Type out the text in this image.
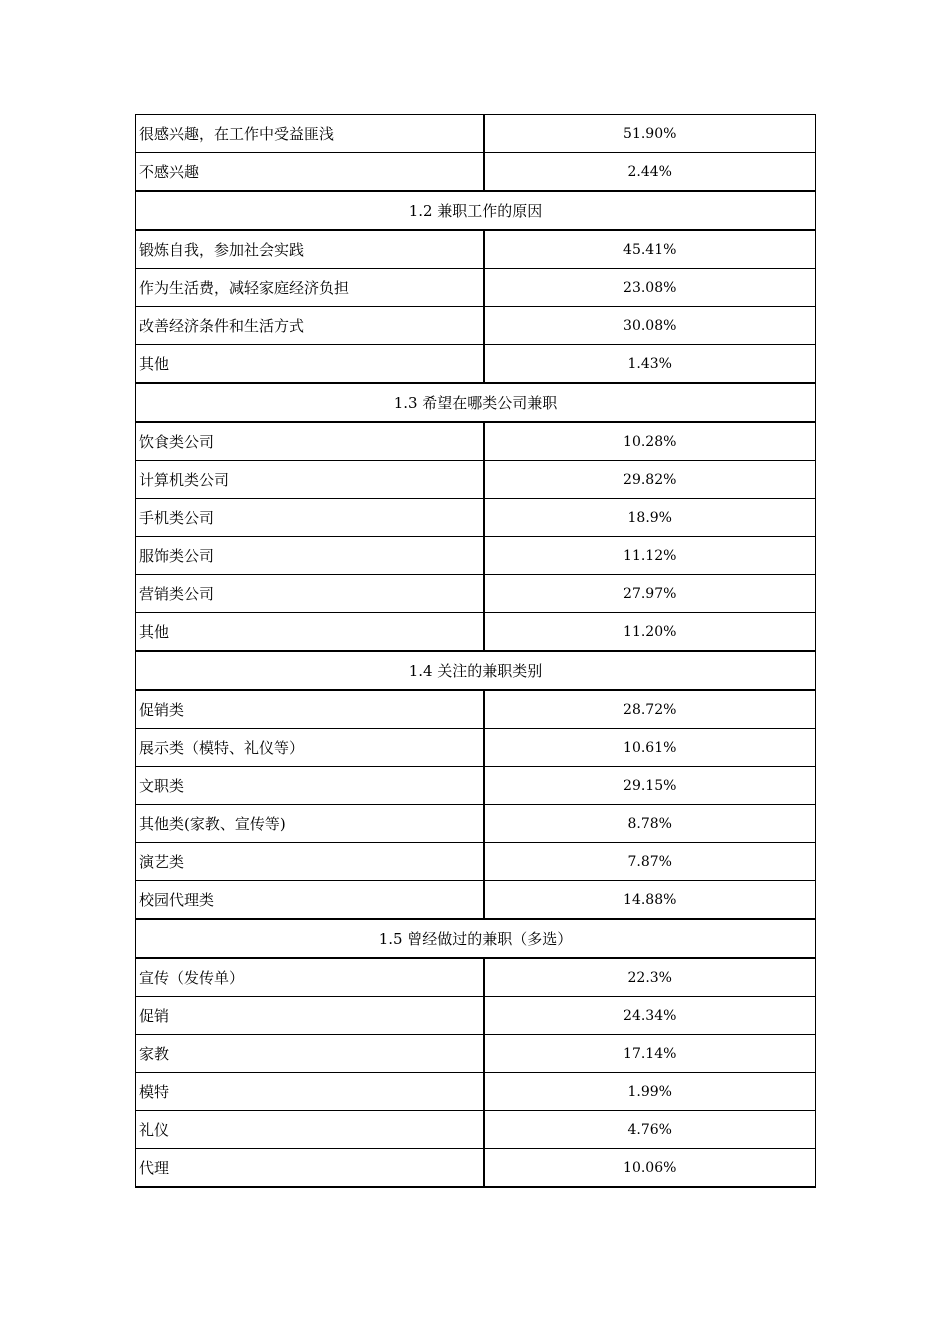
很感兴趣，在工作中受益匪浅	51.90%
不感兴趣	2.44%
1.2 兼职工作的原因	
锻炼自我，参加社会实践	45.41%
作为生活费，减轻家庭经济负担	23.08%
改善经济条件和生活方式	30.08%
其他	1.43%
1.3 希望在哪类公司兼职	
饮食类公司	10.28%
计算机类公司	29.82%
手机类公司	18.9%
服饰类公司	11.12%
营销类公司	27.97%
其他	11.20%
1.4 关注的兼职类别	
促销类	28.72%
展示类（模特、礼仪等）	10.61%
文职类	29.15%
其他类(家教、宣传等)	8.78%
演艺类	7.87%
校园代理类	14.88%
1.5 曾经做过的兼职（多选）	
宣传（发传单）	22.3%
促销	24.34%
家教	17.14%
模特	1.99%
礼仪	4.76%
代理	10.06%
